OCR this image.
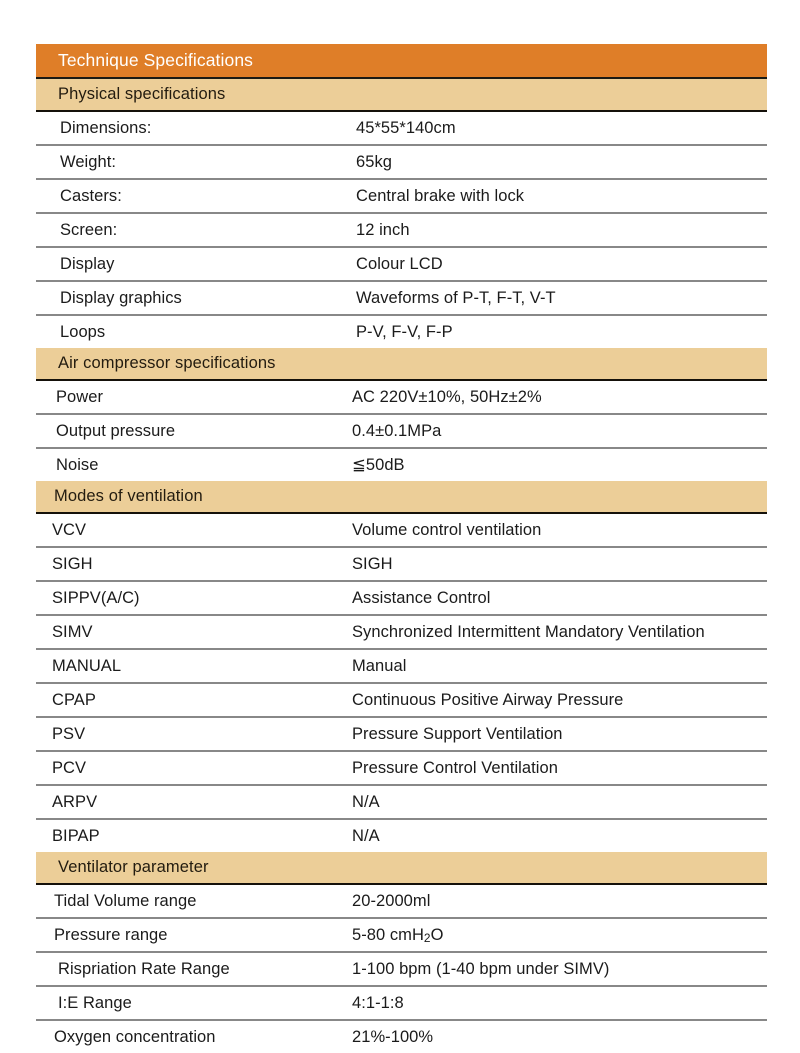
Technique Specifications	
Physical specifications	
Dimensions:	45*55*140cm
Weight:	65kg
Casters:	Central brake with lock
Screen:	12 inch
Display	Colour LCD
Display graphics	Waveforms of P-T, F-T, V-T
Loops	P-V, F-V, F-P
Air compressor specifications	
Power	AC 220V±10%, 50Hz±2%
Output pressure	0.4±0.1MPa
Noise	≦50dB
Modes of ventilation	
VCV	Volume control ventilation
SIGH	SIGH
SIPPV(A/C)	Assistance Control
SIMV	Synchronized Intermittent Mandatory Ventilation
MANUAL	Manual
CPAP	Continuous Positive Airway Pressure
PSV	Pressure Support Ventilation
PCV	Pressure Control Ventilation
ARPV	N/A
BIPAP	N/A
Ventilator parameter	
Tidal Volume range	20-2000ml
Pressure range	5-80 cmH$_2$O
Rispriation Rate Range	1-100 bpm (1-40 bpm under SIMV)
I:E Range	4:1-1:8
Oxygen concentration	21%-100%
